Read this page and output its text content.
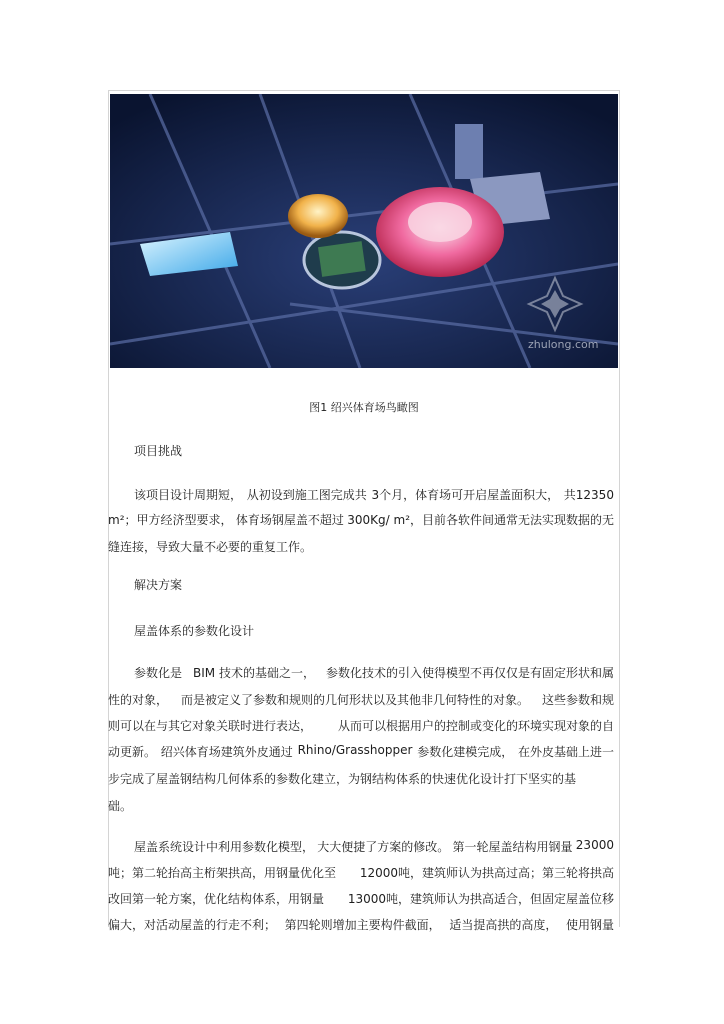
zhulong.com
图1 绍兴体育场鸟瞰图
项目挑战
该项目设计周期短， 从初设到施工图完成共 3个月，体育场可开启屋盖面积大， 共12350
m²；甲方经济型要求， 体育场钢屋盖不超过 300Kg/ m²，目前各软件间通常无法实现数据的无
缝连接，导致大量不必要的重复工作。
解决方案
屋盖体系的参数化设计
参数化是 BIM 技术的基础之一， 参数化技术的引入使得模型不再仅仅是有固定形状和属
性的对象， 而是被定义了参数和规则的几何形状以及其他非几何特性的对象。 这些参数和规
则可以在与其它对象关联时进行表达， 从而可以根据用户的控制或变化的环境实现对象的自
动更新。 绍兴体育场建筑外皮通过 Rhino/Grasshopper 参数化建模完成， 在外皮基础上进一
步完成了屋盖钢结构几何体系的参数化建立，为钢结构体系的快速优化设计打下坚实的基
础。
屋盖系统设计中利用参数化模型， 大大便捷了方案的修改。 第一轮屋盖结构用钢量 23000
吨；第二轮抬高主桁架拱高，用钢量优化至 12000吨，建筑师认为拱高过高；第三轮将拱高
改回第一轮方案，优化结构体系，用钢量 13000吨，建筑师认为拱高适合，但固定屋盖位移
偏大，对活动屋盖的行走不利； 第四轮则增加主要构件截面， 适当提高拱的高度， 使用钢量
